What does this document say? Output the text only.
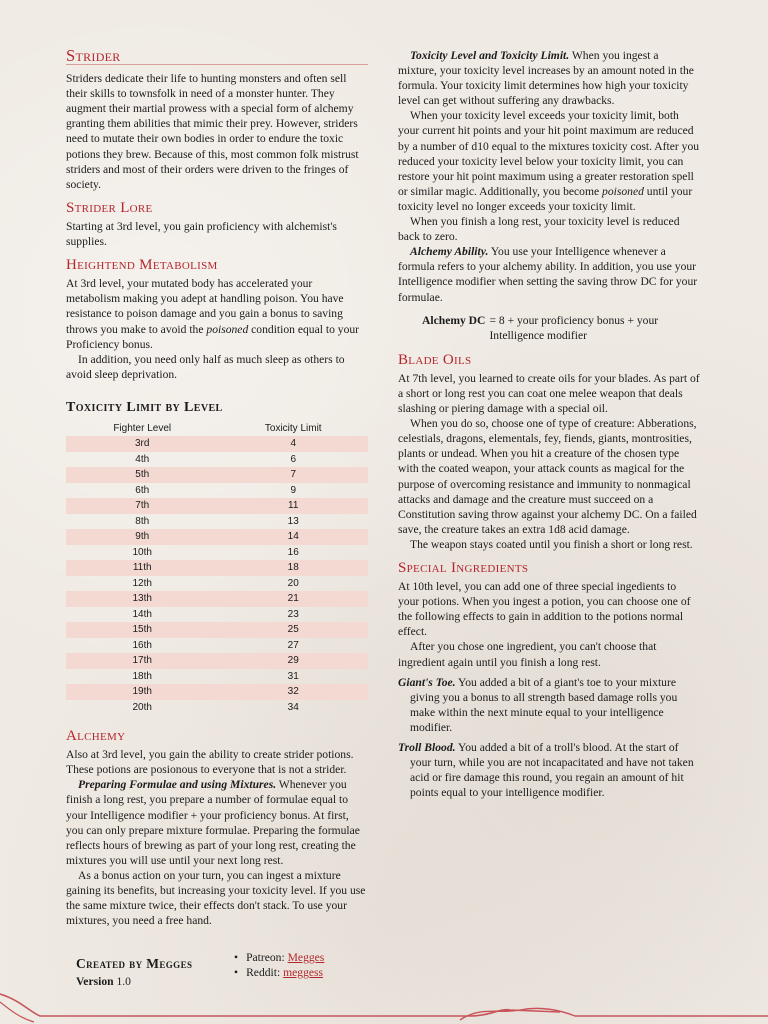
Strider

Striders dedicate their life to hunting monsters and often sell their skills to townsfolk in need of a monster hunter. They augment their martial prowess with a special form of alchemy granting them abilities that mimic their prey. However, striders need to mutate their own bodies in order to endure the toxic potions they brew. Because of this, most common folk mistrust striders and most of their orders were driven to the fringes of society.

Strider Lore

Starting at 3rd level, you gain proficiency with alchemist's supplies.

Heightend Metabolism

At 3rd level, your mutated body has accelerated your metabolism making you adept at handling poison. You have resistance to poison damage and you gain a bonus to saving throws you make to avoid the poisoned condition equal to your Proficiency bonus.

In addition, you need only half as much sleep as others to avoid sleep deprivation.

Toxicity Limit by Level
Fighter Level	Toxicity Limit
3rd	4
4th	6
5th	7
6th	9
7th	11
8th	13
9th	14
10th	16
11th	18
12th	20
13th	21
14th	23
15th	25
16th	27
17th	29
18th	31
19th	32
20th	34
Alchemy

Also at 3rd level, you gain the ability to create strider potions. These potions are posionous to everyone that is not a strider.

Preparing Formulae and using Mixtures. Whenever you finish a long rest, you prepare a number of formulae equal to your Intelligence modifier + your proficiency bonus. At first, you can only prepare mixture formulae. Preparing the formulae reflects hours of brewing as part of your long rest, creating the mixtures you will use until your next long rest.

As a bonus action on your turn, you can ingest a mixture gaining its benefits, but increasing your toxicity level. If you use the same mixture twice, their effects don't stack. To use your mixtures, you need a free hand.

Toxicity Level and Toxicity Limit. When you ingest a mixture, your toxicity level increases by an amount noted in the formula. Your toxicity limit determines how high your toxicity level can get without suffering any drawbacks.

When your toxicity level exceeds your toxicity limit, both your current hit points and your hit point maximum are reduced by a number of d10 equal to the mixtures toxicity cost. After you reduced your toxicity level below your toxicity limit, you can restore your hit point maximum using a greater restoration spell or similar magic. Additionally, you become poisoned until your toxicity level no longer exceeds your toxicity limit.

When you finish a long rest, your toxicity level is reduced back to zero.

Alchemy Ability. You use your Intelligence whenever a formula refers to your alchemy ability. In addition, you use your Intelligence modifier when setting the saving throw DC for your formulae.

Alchemy DC = 8 + your proficiency bonus + your Intelligence modifier
Blade Oils

At 7th level, you learned to create oils for your blades. As part of a short or long rest you can coat one melee weapon that deals slashing or piering damage with a special oil.

When you do so, choose one of type of creature: Abberations, celestials, dragons, elementals, fey, fiends, giants, montrosities, plants or undead. When you hit a creature of the chosen type with the coated weapon, your attack counts as magical for the purpose of overcoming resistance and immunity to nonmagical attacks and damage and the creature must succeed on a Constitution saving throw against your alchemy DC. On a failed save, the creature takes an extra 1d8 acid damage.

The weapon stays coated until you finish a short or long rest.

Special Ingredients

At 10th level, you can add one of three special ingedients to your potions. When you ingest a potion, you can choose one of the following effects to gain in addition to the potions normal effect.

After you chose one ingredient, you can't choose that ingredient again until you finish a long rest.

Giant's Toe. You added a bit of a giant's toe to your mixture giving you a bonus to all strength based damage rolls you make within the next minute equal to your intelligence modifier.

Troll Blood. You added a bit of a troll's blood. At the start of your turn, while you are not incapacitated and have not taken acid or fire damage this round, you regain an amount of hit points equal to your intelligence modifier.

Created by Megges
Version 1.0
• Patreon: Megges
• Reddit: meggess
